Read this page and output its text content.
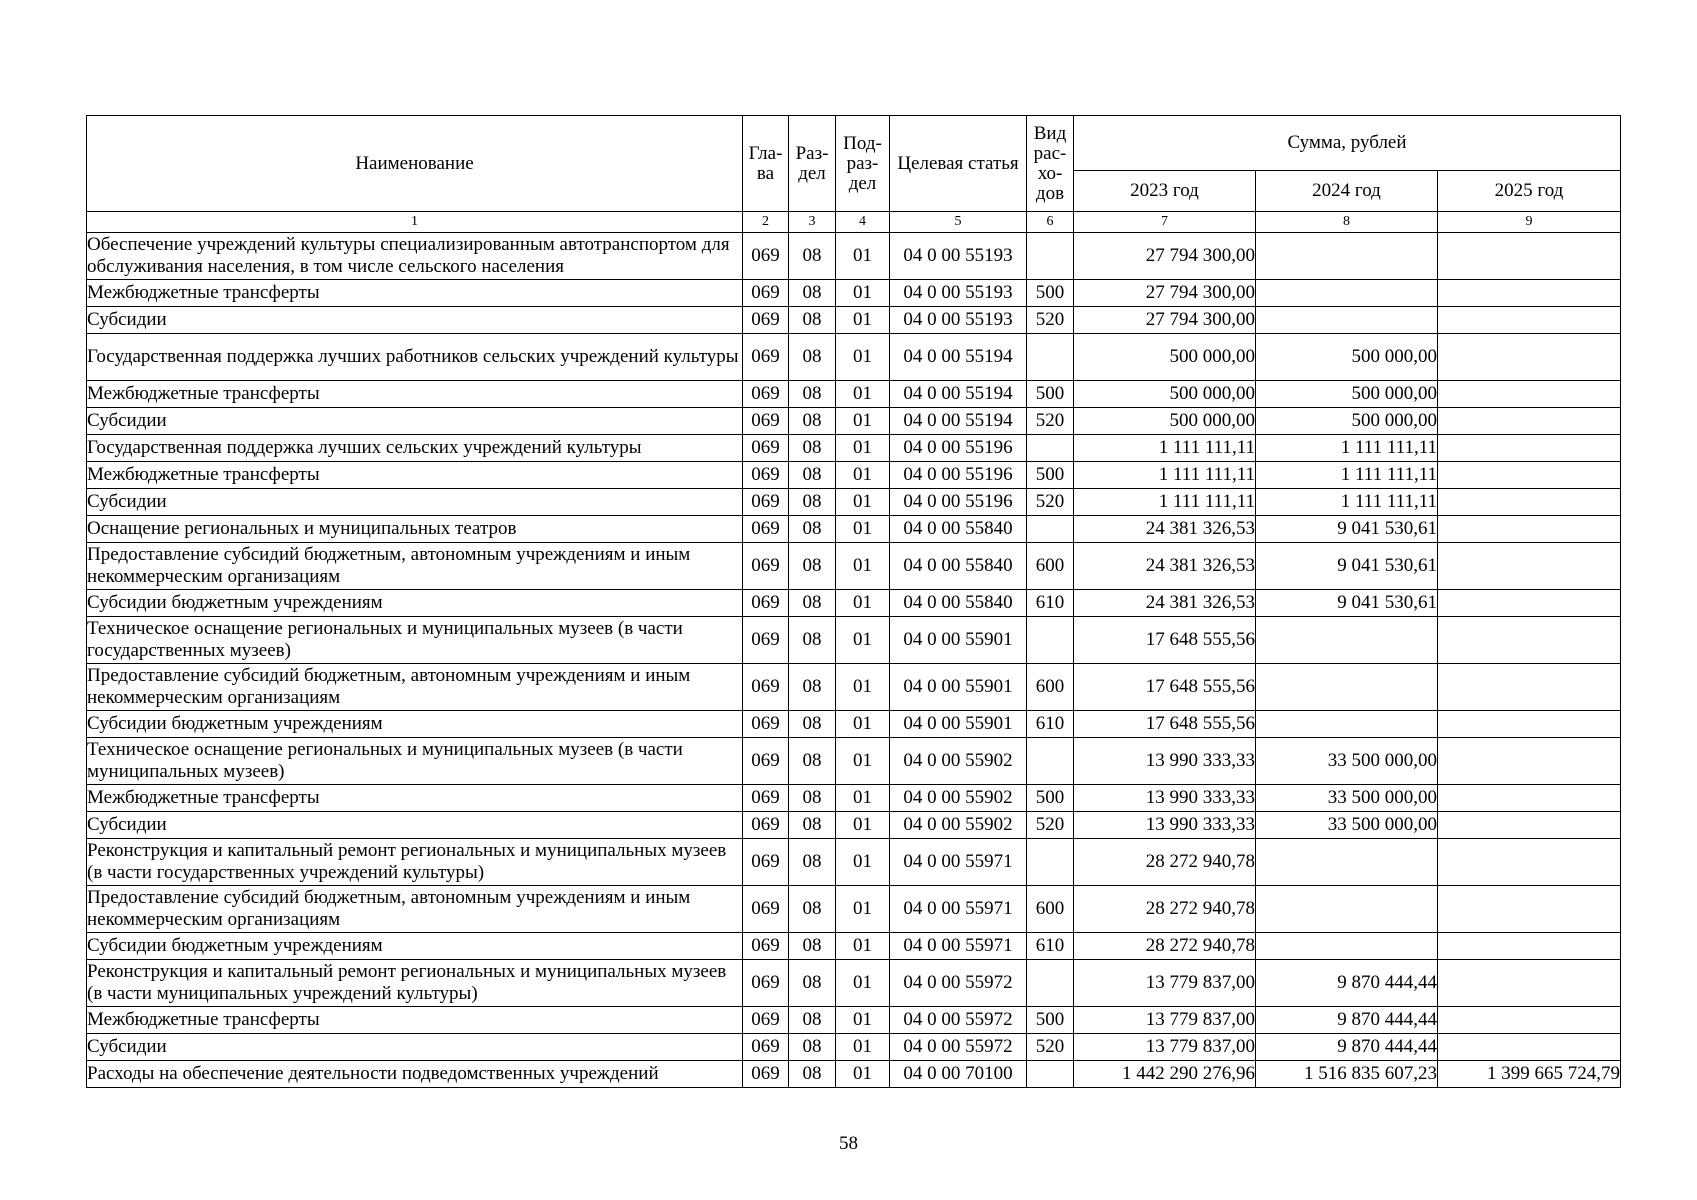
Наименование	Гла-ва	Раз-дел	Под-раз-дел	Целевая статья	Вид рас-хо-дов	Сумма, рублей		
						2023 год	2024 год	2025 год
1	2	3	4	5	6	7	8	9
Обеспечение учреждений культуры специализированным автотранспортом для обслуживания населения, в том числе сельского населения	069	08	01	04 0 00 55193		27 794 300,00		
Межбюджетные трансферты	069	08	01	04 0 00 55193	500	27 794 300,00		
Субсидии	069	08	01	04 0 00 55193	520	27 794 300,00		
Государственная поддержка лучших работников сельских учреждений культуры	069	08	01	04 0 00 55194		500 000,00	500 000,00	
Межбюджетные трансферты	069	08	01	04 0 00 55194	500	500 000,00	500 000,00	
Субсидии	069	08	01	04 0 00 55194	520	500 000,00	500 000,00	
Государственная поддержка лучших сельских учреждений культуры	069	08	01	04 0 00 55196		1 111 111,11	1 111 111,11	
Межбюджетные трансферты	069	08	01	04 0 00 55196	500	1 111 111,11	1 111 111,11	
Субсидии	069	08	01	04 0 00 55196	520	1 111 111,11	1 111 111,11	
Оснащение региональных и муниципальных театров	069	08	01	04 0 00 55840		24 381 326,53	9 041 530,61	
Предоставление субсидий бюджетным, автономным учреждениям и иным некоммерческим организациям	069	08	01	04 0 00 55840	600	24 381 326,53	9 041 530,61	
Субсидии бюджетным учреждениям	069	08	01	04 0 00 55840	610	24 381 326,53	9 041 530,61	
Техническое оснащение региональных и муниципальных музеев (в части государственных музеев)	069	08	01	04 0 00 55901		17 648 555,56		
Предоставление субсидий бюджетным, автономным учреждениям и иным некоммерческим организациям	069	08	01	04 0 00 55901	600	17 648 555,56		
Субсидии бюджетным учреждениям	069	08	01	04 0 00 55901	610	17 648 555,56		
Техническое оснащение региональных и муниципальных музеев (в части муниципальных музеев)	069	08	01	04 0 00 55902		13 990 333,33	33 500 000,00	
Межбюджетные трансферты	069	08	01	04 0 00 55902	500	13 990 333,33	33 500 000,00	
Субсидии	069	08	01	04 0 00 55902	520	13 990 333,33	33 500 000,00	
Реконструкция и капитальный ремонт региональных и муниципальных музеев (в части государственных учреждений культуры)	069	08	01	04 0 00 55971		28 272 940,78		
Предоставление субсидий бюджетным, автономным учреждениям и иным некоммерческим организациям	069	08	01	04 0 00 55971	600	28 272 940,78		
Субсидии бюджетным учреждениям	069	08	01	04 0 00 55971	610	28 272 940,78		
Реконструкция и капитальный ремонт региональных и муниципальных музеев (в части муниципальных учреждений культуры)	069	08	01	04 0 00 55972		13 779 837,00	9 870 444,44	
Межбюджетные трансферты	069	08	01	04 0 00 55972	500	13 779 837,00	9 870 444,44	
Субсидии	069	08	01	04 0 00 55972	520	13 779 837,00	9 870 444,44	
Расходы на обеспечение деятельности подведомственных учреждений	069	08	01	04 0 00 70100		1 442 290 276,96	1 516 835 607,23	1 399 665 724,79
58
